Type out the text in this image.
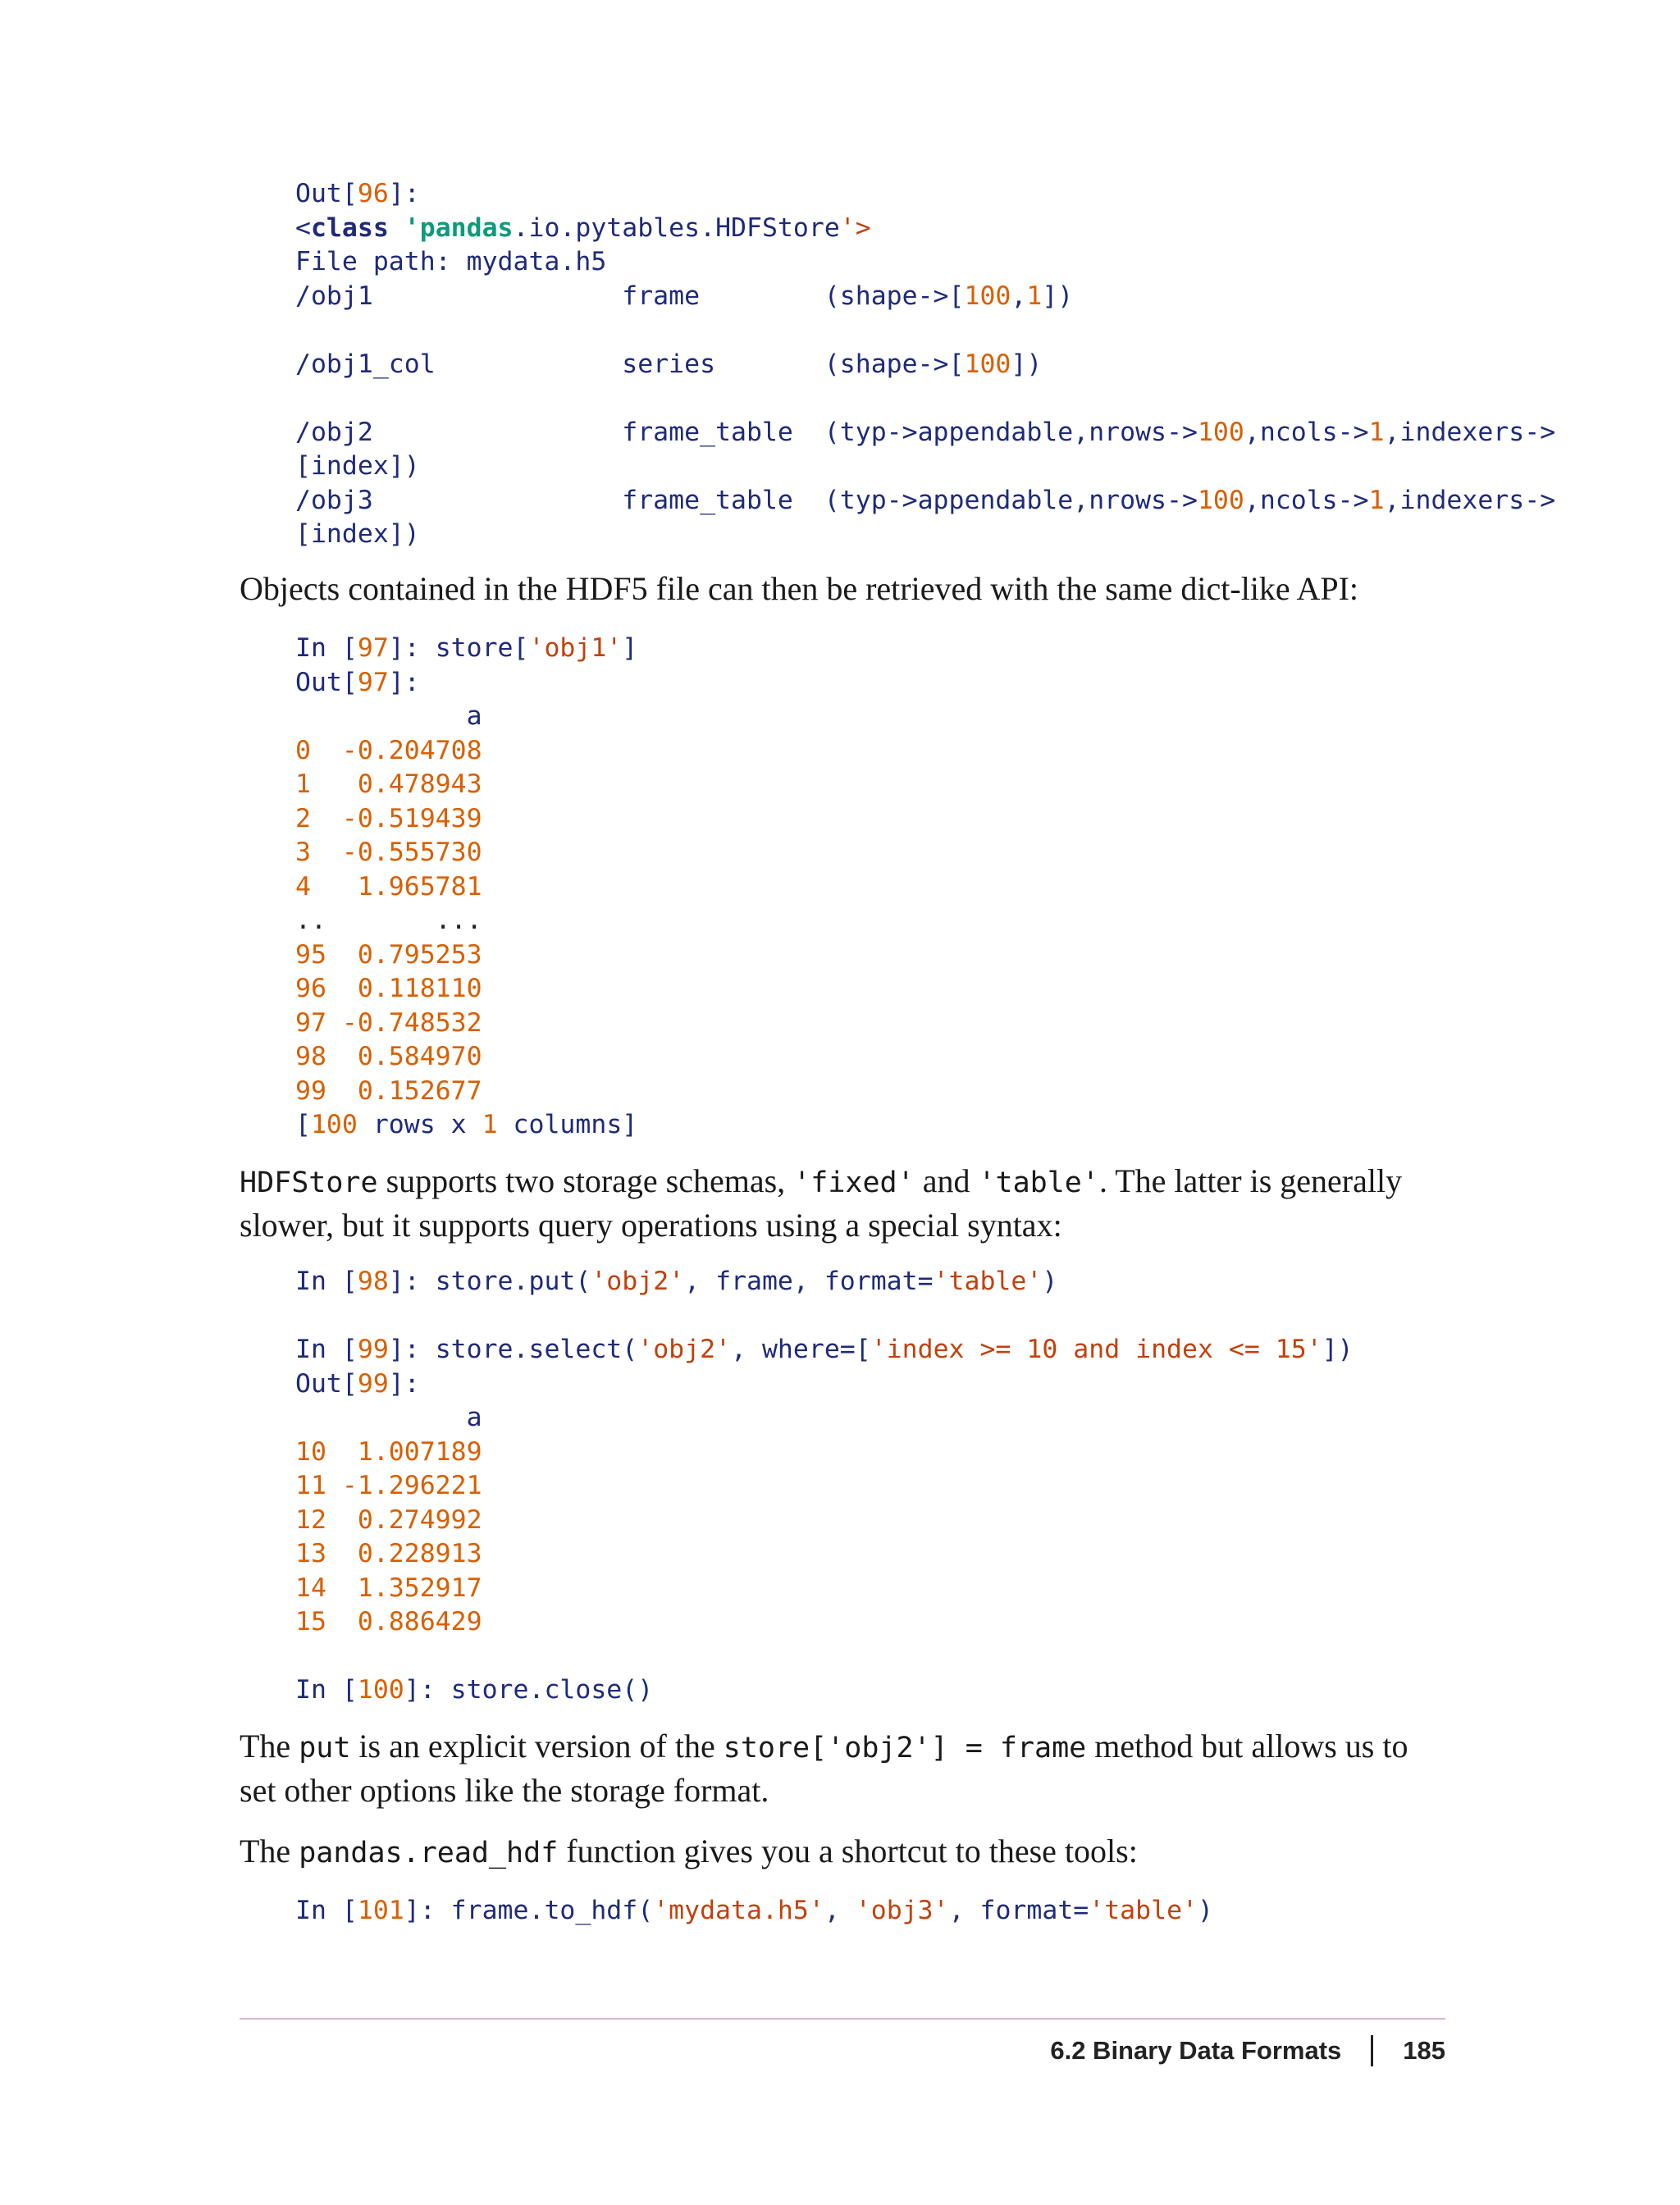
Out[96]:
<class 'pandas.io.pytables.HDFStore'>
File path: mydata.h5
/obj1                frame        (shape->[100,1])
/obj1_col            series       (shape->[100])
/obj2                frame_table  (typ->appendable,nrows->100,ncols->1,indexers->
[index])
/obj3                frame_table  (typ->appendable,nrows->100,ncols->1,indexers->
[index])

Objects contained in the HDF5 file can then be retrieved with the same dict-like API:

In [97]: store['obj1']
Out[97]:
a
0  -0.204708
1   0.478943
2  -0.519439
3  -0.555730
4   1.965781
..       ...
95  0.795253
96  0.118110
97 -0.748532
98  0.584970
99  0.152677
[100 rows x 1 columns]

HDFStore supports two storage schemas, 'fixed' and 'table'. The latter is generally slower, but it supports query operations using a special syntax:

In [98]: store.put('obj2', frame, format='table')
In [99]: store.select('obj2', where=['index >= 10 and index <= 15'])
Out[99]:
a
10  1.007189
11 -1.296221
12  0.274992
13  0.228913
14  1.352917
15  0.886429
In [100]: store.close()

The put is an explicit version of the store['obj2'] = frame method but allows us to set other options like the storage format.

The pandas.read_hdf function gives you a shortcut to these tools:

In [101]: frame.to_hdf('mydata.h5', 'obj3', format='table')
6.2 Binary Data Formats 185
